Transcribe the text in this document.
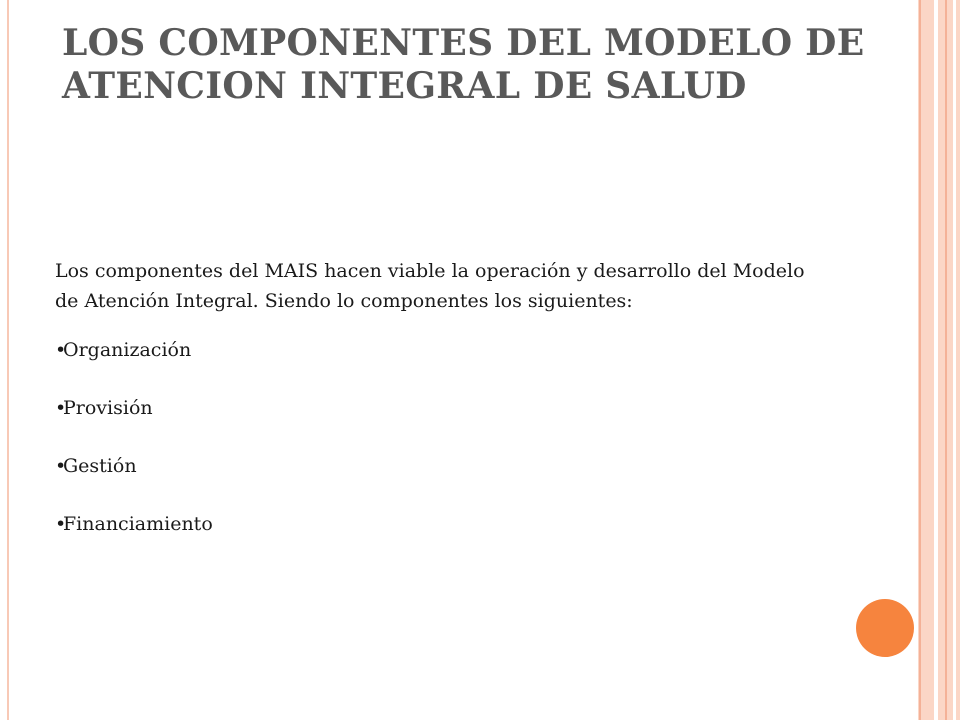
LOS COMPONENTES DEL MODELO DE
ATENCION INTEGRAL DE SALUD

Los componentes del MAIS hacen viable la operación y desarrollo del Modelo
de Atención Integral. Siendo lo componentes los siguientes:

•Organización
•Provisión
•Gestión
•Financiamiento
